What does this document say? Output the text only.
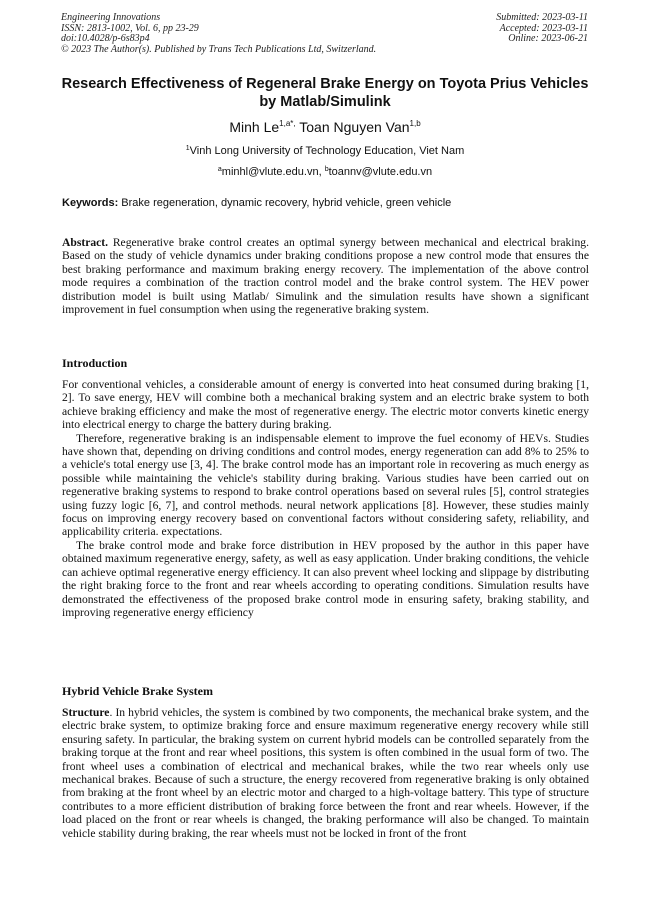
Engineering Innovations
ISSN: 2813-1002, Vol. 6, pp 23-29
doi:10.4028/p-6s83p4
© 2023 The Author(s). Published by Trans Tech Publications Ltd, Switzerland.
Submitted: 2023-03-11
Accepted: 2023-03-11
Online: 2023-06-21
Research Effectiveness of Regeneral Brake Energy on Toyota Prius Vehicles by Matlab/Simulink
Minh $Le^{1,a*,}$ Toan Nguyen Van$^{1,b}$
$^1$Vinh Long University of Technology Education, Viet Nam
$^a$minhl@vlute.edu.vn, $^b$toannv@vlute.edu.vn
Keywords: Brake regeneration, dynamic recovery, hybrid vehicle, green vehicle

Abstract. Regenerative brake control creates an optimal synergy between mechanical and electrical braking. Based on the study of vehicle dynamics under braking conditions propose a new control mode that ensures the best braking performance and maximum braking energy recovery. The implementation of the above control mode requires a combination of the traction control model and the brake control system. The HEV power distribution model is built using Matlab/ Simulink and the simulation results have shown a significant improvement in fuel consumption when using the regenerative braking system.

Introduction

For conventional vehicles, a considerable amount of energy is converted into heat consumed during braking [1, 2]. To save energy, HEV will combine both a mechanical braking system and an electric brake system to both achieve braking efficiency and make the most of regenerative energy. The electric motor converts kinetic energy into electrical energy to charge the battery during braking.

Therefore, regenerative braking is an indispensable element to improve the fuel economy of HEVs. Studies have shown that, depending on driving conditions and control modes, energy regeneration can add 8% to 25% to a vehicle's total energy use [3, 4]. The brake control mode has an important role in recovering as much energy as possible while maintaining the vehicle's stability during braking. Various studies have been carried out on regenerative braking systems to respond to brake control operations based on several rules [5], control strategies using fuzzy logic [6, 7], and control methods. neural network applications [8]. However, these studies mainly focus on improving energy recovery based on conventional factors without considering safety, reliability, and applicability criteria. expectations.

The brake control mode and brake force distribution in HEV proposed by the author in this paper have obtained maximum regenerative energy, safety, as well as easy application. Under braking conditions, the vehicle can achieve optimal regenerative energy efficiency. It can also prevent wheel locking and slippage by distributing the right braking force to the front and rear wheels according to operating conditions. Simulation results have demonstrated the effectiveness of the proposed brake control mode in ensuring safety, braking stability, and improving regenerative energy efficiency

Hybrid Vehicle Brake System

Structure. In hybrid vehicles, the system is combined by two components, the mechanical brake system, and the electric brake system, to optimize braking force and ensure maximum regenerative energy recovery while still ensuring safety. In particular, the braking system on current hybrid models can be controlled separately from the braking torque at the front and rear wheel positions, this system is often combined in the usual form of two. The front wheel uses a combination of electrical and mechanical brakes, while the two rear wheels only use mechanical brakes. Because of such a structure, the energy recovered from regenerative braking is only obtained from braking at the front wheel by an electric motor and charged to a high-voltage battery. This type of structure contributes to a more efficient distribution of braking force between the front and rear wheels. However, if the load placed on the front or rear wheels is changed, the braking performance will also be changed. To maintain vehicle stability during braking, the rear wheels must not be locked in front of the front
